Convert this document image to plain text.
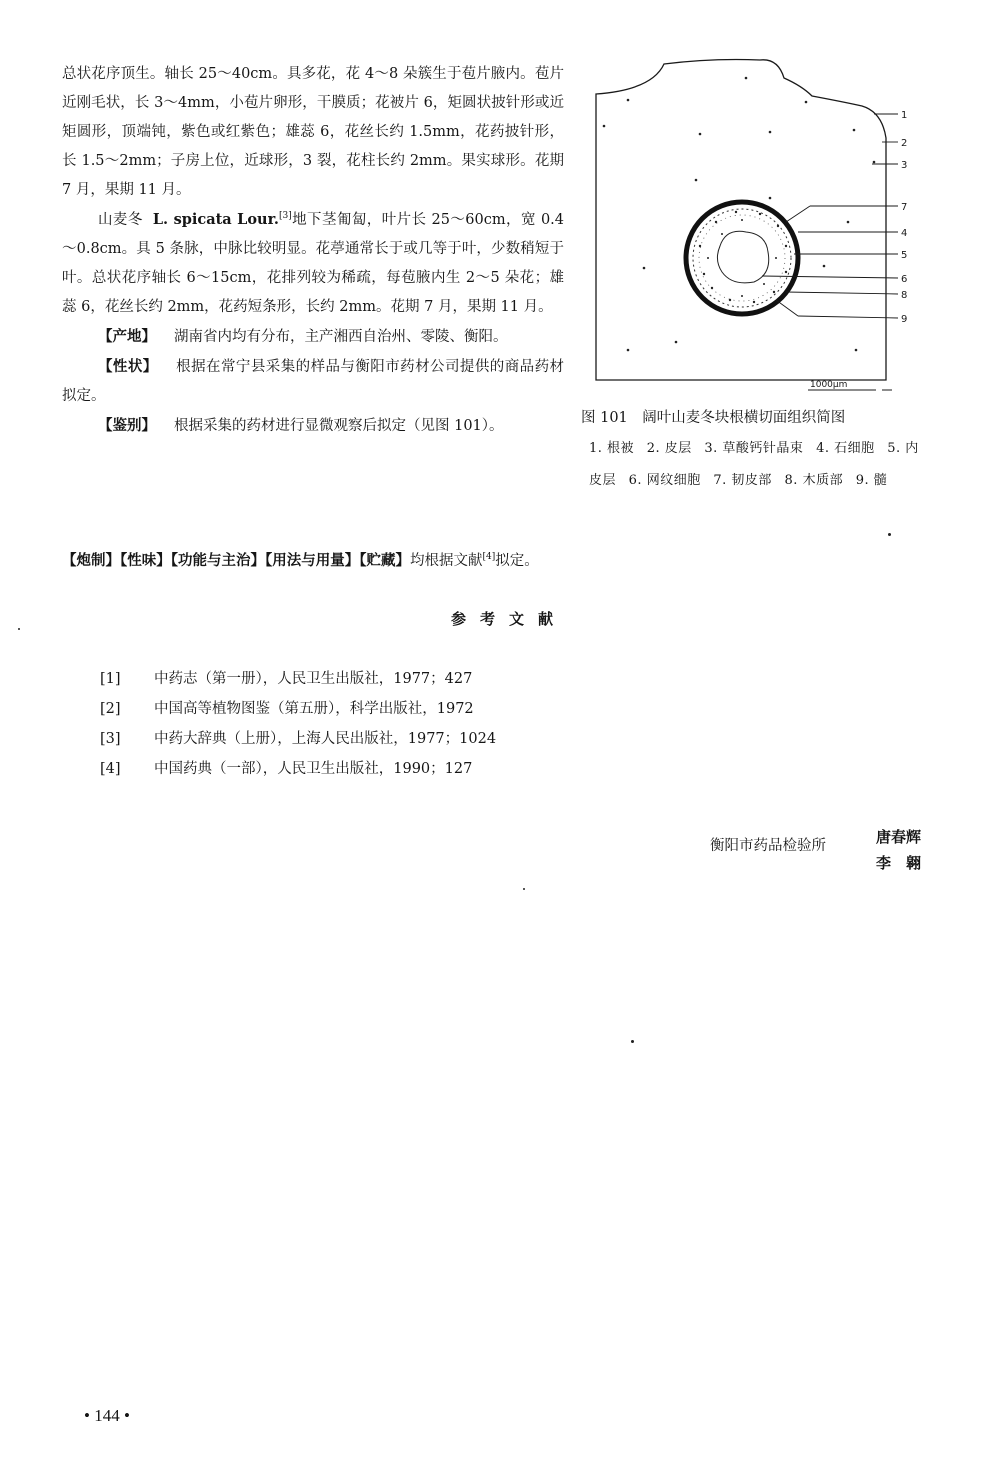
总状花序顶生。轴长 25～40cm。具多花，花 4～8 朵簇生于苞片腋内。苞片近刚毛状，长 3～4mm，小苞片卵形，干膜质；花被片 6，矩圆状披针形或近矩圆形，顶端钝，紫色或红紫色；雄蕊 6，花丝长约 1.5mm，花药披针形，长 1.5～2mm；子房上位，近球形，3 裂，花柱长约 2mm。果实球形。花期 7 月，果期 11 月。

山麦冬 L. spicata Lour.[3]地下茎匍匐，叶片长 25～60cm，宽 0.4～0.8cm。具 5 条脉，中脉比较明显。花葶通常长于或几等于叶，少数稍短于叶。总状花序轴长 6～15cm，花排列较为稀疏，每苞腋内生 2～5 朵花；雄蕊 6，花丝长约 2mm，花药短条形，长约 2mm。花期 7 月，果期 11 月。

【产地】 湖南省内均有分布，主产湘西自治州、零陵、衡阳。

【性状】 根据在常宁县采集的样品与衡阳市药材公司提供的商品药材拟定。

【鉴别】 根据采集的药材进行显微观察后拟定（见图 101）。

1
2
3
7
4
5
6
8
9
1000μm
图 101　阔叶山麦冬块根横切面组织简图
1. 根被 2. 皮层 3. 草酸钙针晶束 4. 石细胞 5. 内皮层 6. 网纹细胞 7. 韧皮部 8. 木质部 9. 髓
【炮制】【性味】【功能与主治】【用法与用量】【贮藏】均根据文献[4]拟定。
参考文献
[1]	中药志（第一册），人民卫生出版社，1977；427
[2]	中国高等植物图鉴（第五册），科学出版社，1972
[3]	中药大辞典（上册），上海人民出版社，1977；1024
[4]	中国药典（一部），人民卫生出版社，1990；127
衡阳市药品检验所	唐春辉
李　翱
• 144 •
